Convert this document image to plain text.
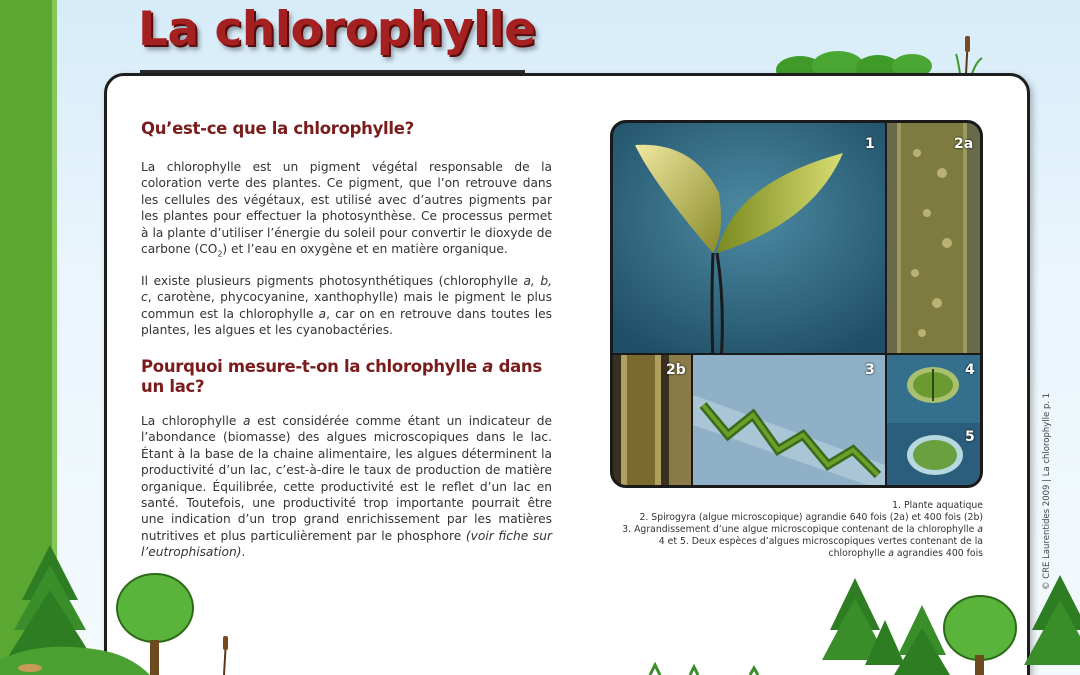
La chlorophylle
Qu’est-ce que la chlorophylle?
La chlorophylle est un pigment végétal responsable de la coloration verte des plantes. Ce pigment, que l’on retrouve dans les cellules des végétaux, est utilisé avec d’autres pigments par les plantes pour effectuer la photosynthèse. Ce processus permet à la plante d’utiliser l’énergie du soleil pour convertir le dioxyde de carbone $(CO_2)$ et l’eau en oxygène et en matière organique.
Il existe plusieurs pigments photosynthétiques (chlorophylle a, b, c, carotène, phycocyanine, xanthophylle) mais le pigment le plus commun est la chlorophylle a, car on en retrouve dans toutes les plantes, les algues et les cyanobactéries.
Pourquoi mesure-t-on la chlorophylle a dans
un lac?
La chlorophylle a est considérée comme étant un indicateur de l’abondance (biomasse) des algues microscopiques dans le lac. Étant à la base de la chaine alimentaire, les algues déterminent la productivité d’un lac, c’est-à-dire le taux de production de matière organique. Équilibrée, cette productivité est le reflet d’un lac en santé. Toutefois, une productivité trop importante pourrait être une indication d’un trop grand enrichissement par les matières nutritives et plus particulièrement par le phosphore (voir fiche sur l’eutrophisation).
1	2a
2b	3	4
5
1. Plante aquatique
2. Spirogyra (algue microscopique) agrandie 640 fois (2a) et 400 fois (2b)
3. Agrandissement d’une algue microscopique contenant de la chlorophylle a
4 et 5. Deux espèces d’algues microscopiques vertes contenant de la
chlorophylle a agrandies 400 fois	© CRE Laurentides 2009 | La chlorophylle p. 1
